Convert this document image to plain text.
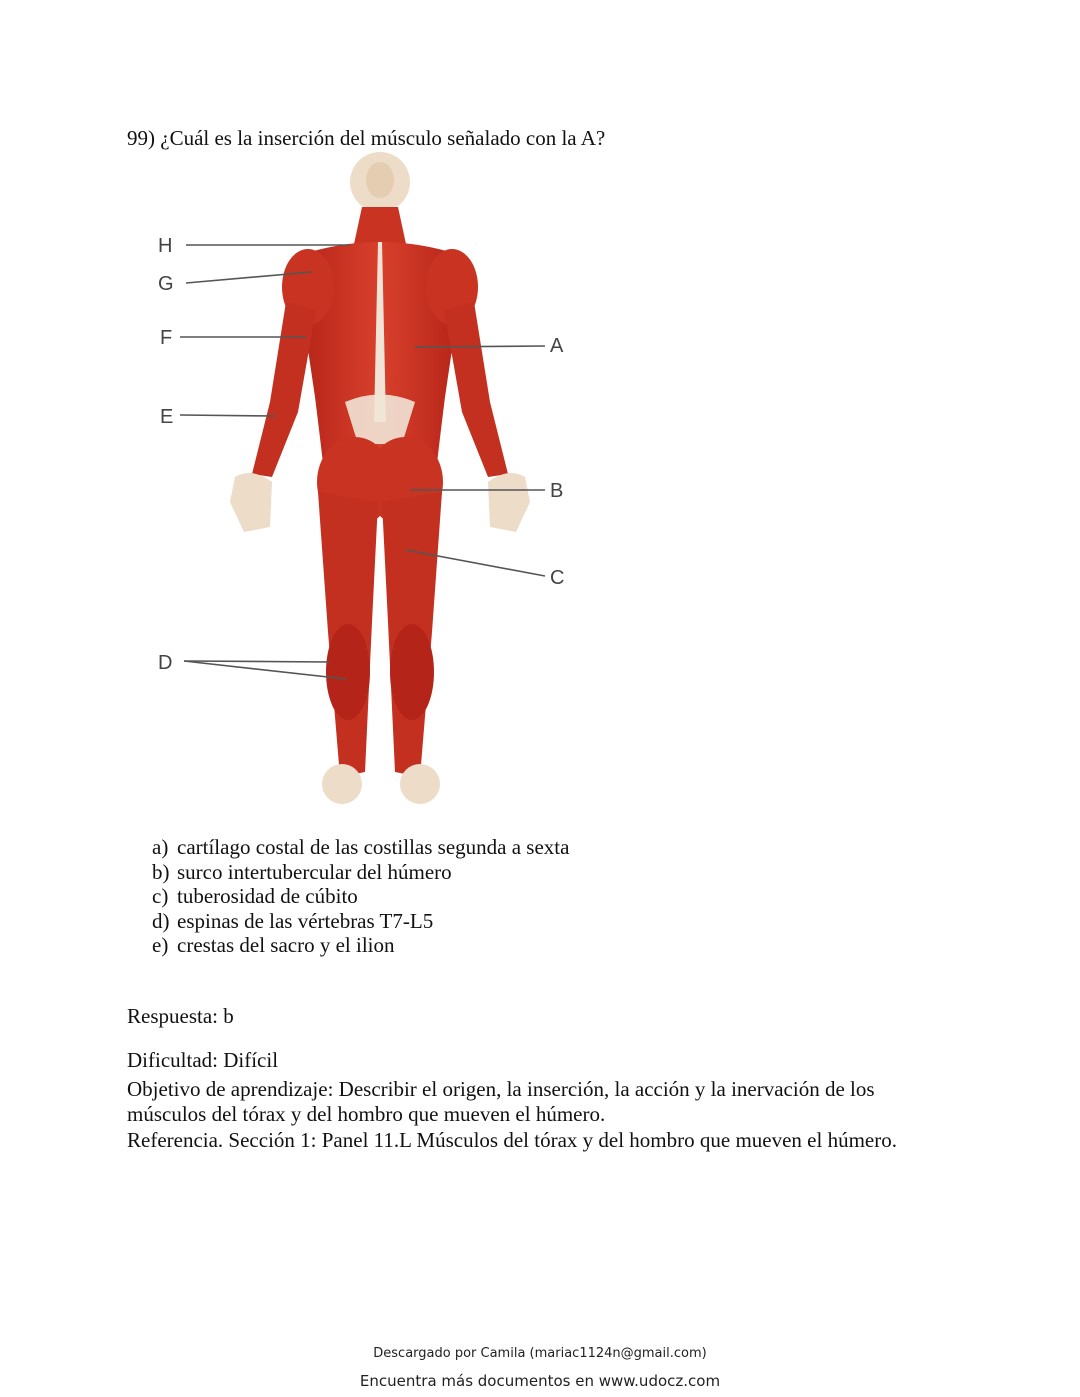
99) ¿Cuál es la inserción del músculo señalado con la A?
H
G
F
E
D
A
B
C
a) cartílago costal de las costillas segunda a sexta
b) surco intertubercular del húmero
c) tuberosidad de cúbito
d) espinas de las vértebras T7-L5
e) crestas del sacro y el ilion
Respuesta: b
Dificultad: Difícil
Objetivo de aprendizaje: Describir el origen, la inserción, la acción y la inervación de los músculos del tórax y del hombro que mueven el húmero.
Referencia. Sección 1: Panel 11.L Músculos del tórax y del hombro que mueven el húmero.
Descargado por Camila (mariac1124n@gmail.com)
Encuentra más documentos en www.udocz.com
